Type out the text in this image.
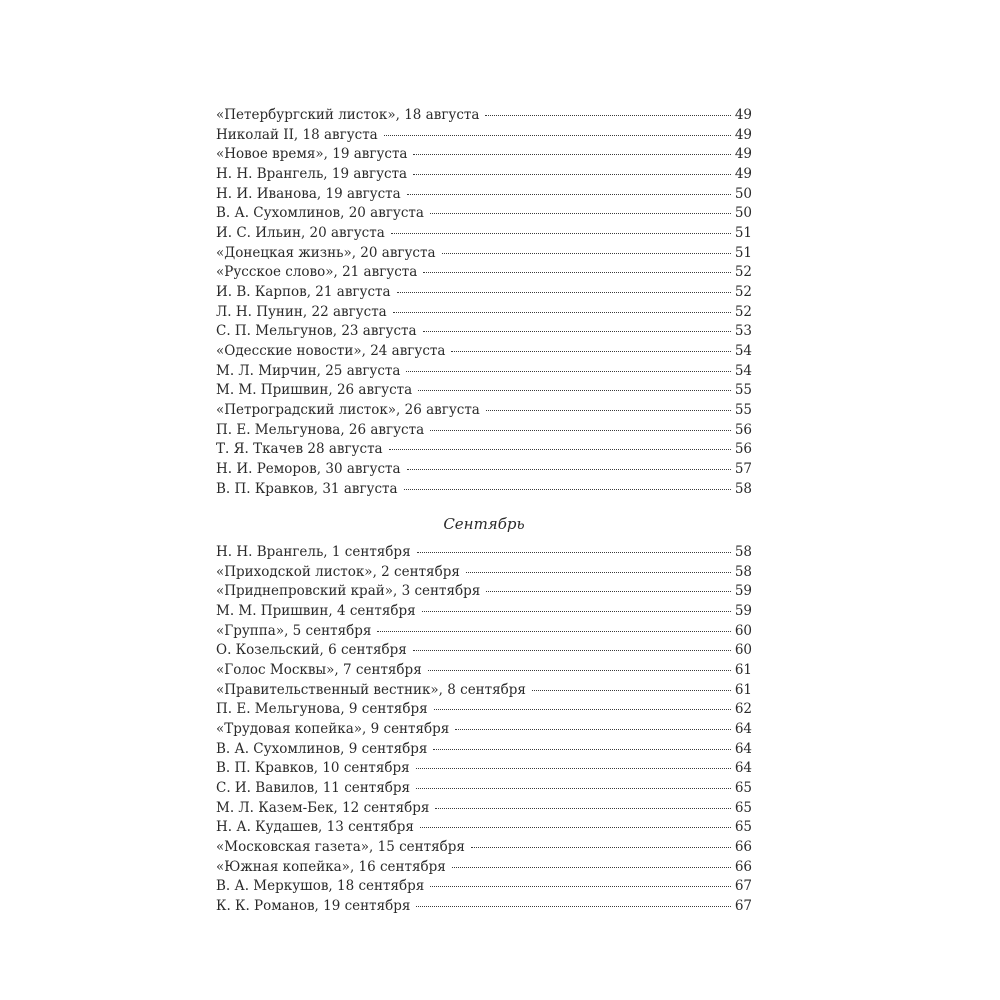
«Петербургский листок», 18 августа	49
Николай II, 18 августа	49
«Новое время», 19 августа	49
Н. Н. Врангель, 19 августа	49
Н. И. Иванова, 19 августа	50
В. А. Сухомлинов, 20 августа	50
И. С. Ильин, 20 августа	51
«Донецкая жизнь», 20 августа	51
«Русское слово», 21 августа	52
И. В. Карпов, 21 августа	52
Л. Н. Пунин, 22 августа	52
С. П. Мельгунов, 23 августа	53
«Одесские новости», 24 августа	54
М. Л. Мирчин, 25 августа	54
М. М. Пришвин, 26 августа	55
«Петроградский листок», 26 августа	55
П. Е. Мельгунова, 26 августа	56
Т. Я. Ткачев 28 августа	56
Н. И. Реморов, 30 августа	57
В. П. Кравков, 31 августа	58
Сентябрь
Н. Н. Врангель, 1 сентября	58
«Приходской листок», 2 сентября	58
«Приднепровский край», 3 сентября	59
М. М. Пришвин, 4 сентября	59
«Группа», 5 сентября	60
О. Козельский, 6 сентября	60
«Голос Москвы», 7 сентября	61
«Правительственный вестник», 8 сентября	61
П. Е. Мельгунова, 9 сентября	62
«Трудовая копейка», 9 сентября	64
В. А. Сухомлинов, 9 сентября	64
В. П. Кравков, 10 сентября	64
С. И. Вавилов, 11 сентября	65
М. Л. Казем-Бек, 12 сентября	65
Н. А. Кудашев, 13 сентября	65
«Московская газета», 15 сентября	66
«Южная копейка», 16 сентября	66
В. А. Меркушов, 18 сентября	67
К. К. Романов, 19 сентября	67
